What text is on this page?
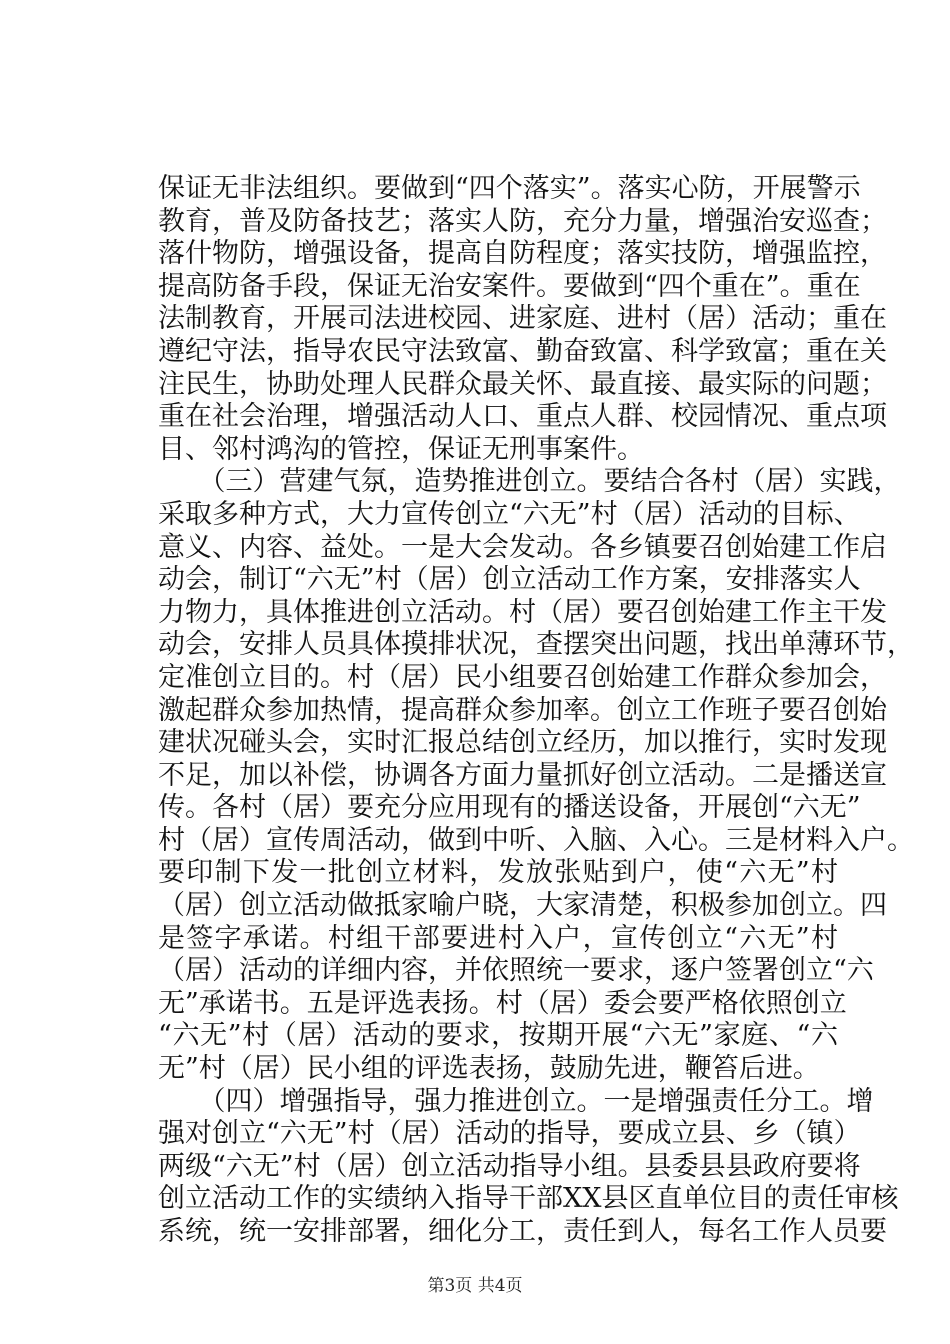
保证无非法组织。要做到“四个落实”。落实心防，开展警示
教育，普及防备技艺；落实人防，充分力量，增强治安巡查；
落什物防，增强设备，提高自防程度；落实技防，增强监控，
提高防备手段，保证无治安案件。要做到“四个重在”。重在
法制教育，开展司法进校园、进家庭、进村（居）活动；重在
遵纪守法，指导农民守法致富、勤奋致富、科学致富；重在关
注民生，协助处理人民群众最关怀、最直接、最实际的问题；
重在社会治理，增强活动人口、重点人群、校园情况、重点项
目、邻村鸿沟的管控，保证无刑事案件。
　　（三）营建气氛，造势推进创立。要结合各村（居）实践，
采取多种方式，大力宣传创立“六无”村（居）活动的目标、
意义、内容、益处。一是大会发动。各乡镇要召创始建工作启
动会，制订“六无”村（居）创立活动工作方案，安排落实人
力物力，具体推进创立活动。村（居）要召创始建工作主干发
动会，安排人员具体摸排状况，查摆突出问题，找出单薄环节，
定准创立目的。村（居）民小组要召创始建工作群众参加会，
激起群众参加热情，提高群众参加率。创立工作班子要召创始
建状况碰头会，实时汇报总结创立经历，加以推行，实时发现
不足，加以补偿，协调各方面力量抓好创立活动。二是播送宣
传。各村（居）要充分应用现有的播送设备，开展创“六无”
村（居）宣传周活动，做到中听、入脑、入心。三是材料入户。
要印制下发一批创立材料，发放张贴到户，使“六无”村
（居）创立活动做抵家喻户晓，大家清楚，积极参加创立。四
是签字承诺。村组干部要进村入户，宣传创立“六无”村
（居）活动的详细内容，并依照统一要求，逐户签署创立“六
无”承诺书。五是评选表扬。村（居）委会要严格依照创立
“六无”村（居）活动的要求，按期开展“六无”家庭、“六
无”村（居）民小组的评选表扬，鼓励先进，鞭笞后进。
　　（四）增强指导，强力推进创立。一是增强责任分工。增
强对创立“六无”村（居）活动的指导，要成立县、乡（镇）
两级“六无”村（居）创立活动指导小组。县委县县政府要将
创立活动工作的实绩纳入指导干部XX县区直单位目的责任审核
系统，统一安排部署，细化分工，责任到人，每名工作人员要
第3页 共4页
